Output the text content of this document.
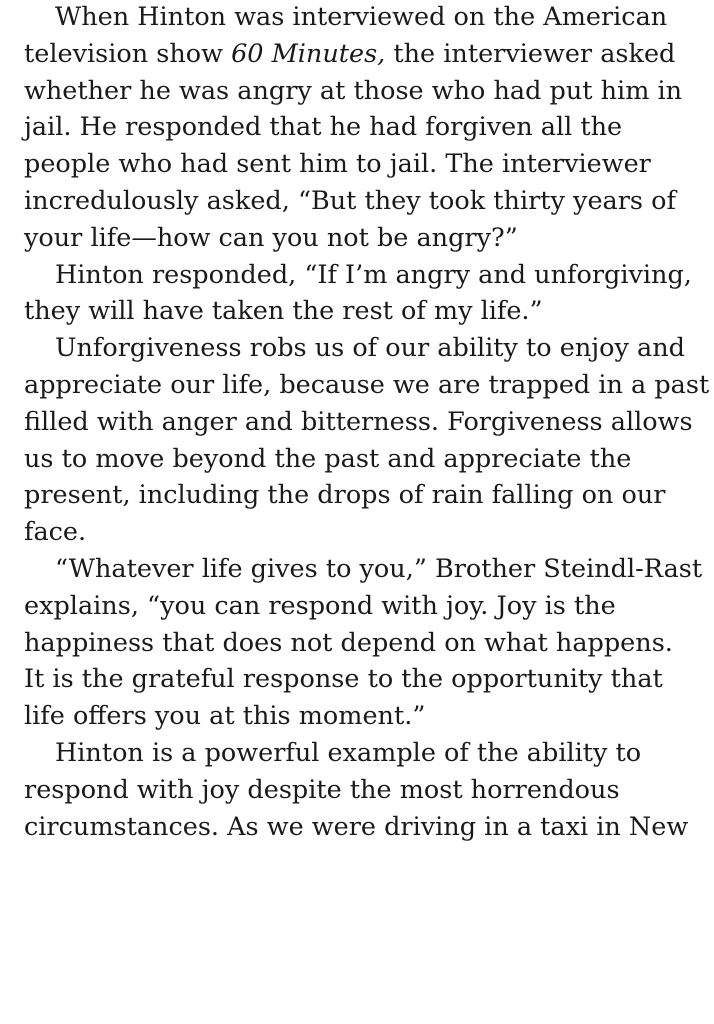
When Hinton was interviewed on the American
television show 60 Minutes, the interviewer asked
whether he was angry at those who had put him in
jail. He responded that he had forgiven all the
people who had sent him to jail. The interviewer
incredulously asked, “But they took thirty years of
your life—how can you not be angry?”
Hinton responded, “If I’m angry and unforgiving,
they will have taken the rest of my life.”
Unforgiveness robs us of our ability to enjoy and
appreciate our life, because we are trapped in a past
filled with anger and bitterness. Forgiveness allows
us to move beyond the past and appreciate the
present, including the drops of rain falling on our
face.
“Whatever life gives to you,” Brother Steindl-Rast
explains, “you can respond with joy. Joy is the
happiness that does not depend on what happens.
It is the grateful response to the opportunity that
life offers you at this moment.”
Hinton is a powerful example of the ability to
respond with joy despite the most horrendous
circumstances. As we were driving in a taxi in New
